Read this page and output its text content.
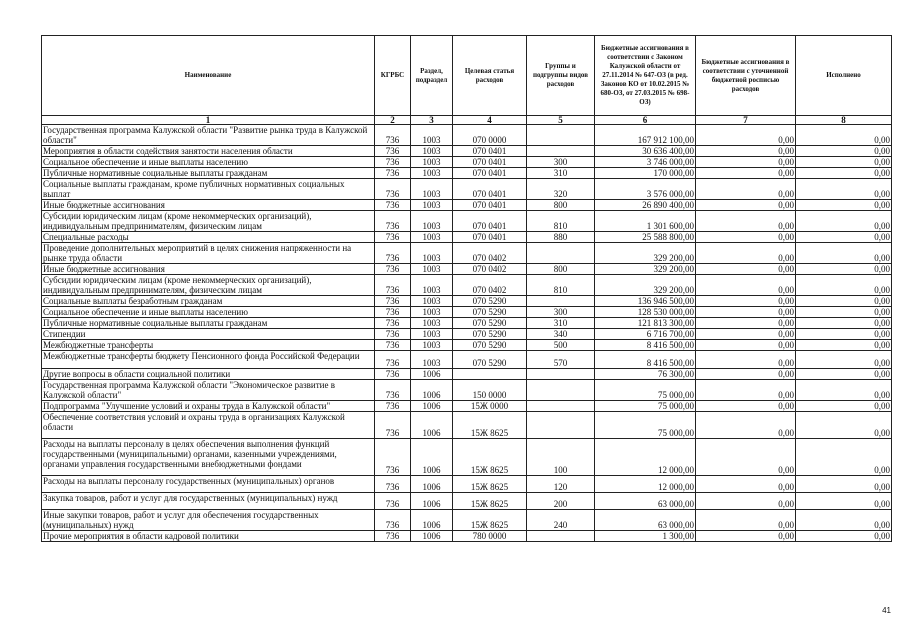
Наименование	КГРБС	Раздел, подраздел	Целевая статья расходов	Группы и подгруппы видов расходов	Бюджетные ассигнования в соответствии с Законом Калужской области от 27.11.2014 № 647-ОЗ (в ред. Законов КО от 10.02.2015 № 680-ОЗ, от 27.03.2015 № 698-ОЗ)	Бюджетные ассигнования в соответствии с уточненной бюджетной росписью расходов	Исполнено
1	2	3	4	5	6	7	8
Государственная программа Калужской области "Развитие рынка труда в Калужской области"	736	1003	070 0000		167 912 100,00	0,00	0,00
Мероприятия в области содействия занятости населения области	736	1003	070 0401		30 636 400,00	0,00	0,00
Социальное обеспечение и иные выплаты населению	736	1003	070 0401	300	3 746 000,00	0,00	0,00
Публичные нормативные социальные выплаты гражданам	736	1003	070 0401	310	170 000,00	0,00	0,00
Социальные выплаты гражданам, кроме публичных нормативных социальных выплат	736	1003	070 0401	320	3 576 000,00	0,00	0,00
Иные бюджетные ассигнования	736	1003	070 0401	800	26 890 400,00	0,00	0,00
Субсидии юридическим лицам (кроме некоммерческих организаций), индивидуальным предпринимателям, физическим лицам	736	1003	070 0401	810	1 301 600,00	0,00	0,00
Специальные расходы	736	1003	070 0401	880	25 588 800,00	0,00	0,00
Проведение дополнительных мероприятий в целях снижения напряженности на рынке труда области	736	1003	070 0402		329 200,00	0,00	0,00
Иные бюджетные ассигнования	736	1003	070 0402	800	329 200,00	0,00	0,00
Субсидии юридическим лицам (кроме некоммерческих организаций), индивидуальным предпринимателям, физическим лицам	736	1003	070 0402	810	329 200,00	0,00	0,00
Социальные выплаты безработным гражданам	736	1003	070 5290		136 946 500,00	0,00	0,00
Социальное обеспечение и иные выплаты населению	736	1003	070 5290	300	128 530 000,00	0,00	0,00
Публичные нормативные социальные выплаты гражданам	736	1003	070 5290	310	121 813 300,00	0,00	0,00
Стипендии	736	1003	070 5290	340	6 716 700,00	0,00	0,00
Межбюджетные трансферты	736	1003	070 5290	500	8 416 500,00	0,00	0,00
Межбюджетные трансферты бюджету Пенсионного фонда Российской Федерации	736	1003	070 5290	570	8 416 500,00	0,00	0,00
Другие вопросы в области социальной политики	736	1006			76 300,00	0,00	0,00
Государственная программа Калужской области "Экономическое развитие в Калужской области"	736	1006	150 0000		75 000,00	0,00	0,00
Подпрограмма "Улучшение условий и охраны труда в Калужской области"	736	1006	15Ж 0000		75 000,00	0,00	0,00
Обеспечение соответствия условий и охраны труда в организациях Калужской области	736	1006	15Ж 8625		75 000,00	0,00	0,00
Расходы на выплаты персоналу в целях обеспечения выполнения функций государственными (муниципальными) органами, казенными учреждениями, органами управления государственными внебюджетными фондами	736	1006	15Ж 8625	100	12 000,00	0,00	0,00
Расходы на выплаты персоналу государственных (муниципальных) органов	736	1006	15Ж 8625	120	12 000,00	0,00	0,00
Закупка товаров, работ и услуг для государственных (муниципальных) нужд	736	1006	15Ж 8625	200	63 000,00	0,00	0,00
Иные закупки товаров, работ и услуг для обеспечения государственных (муниципальных) нужд	736	1006	15Ж 8625	240	63 000,00	0,00	0,00
Прочие мероприятия в области кадровой политики	736	1006	780 0000		1 300,00	0,00	0,00
41
